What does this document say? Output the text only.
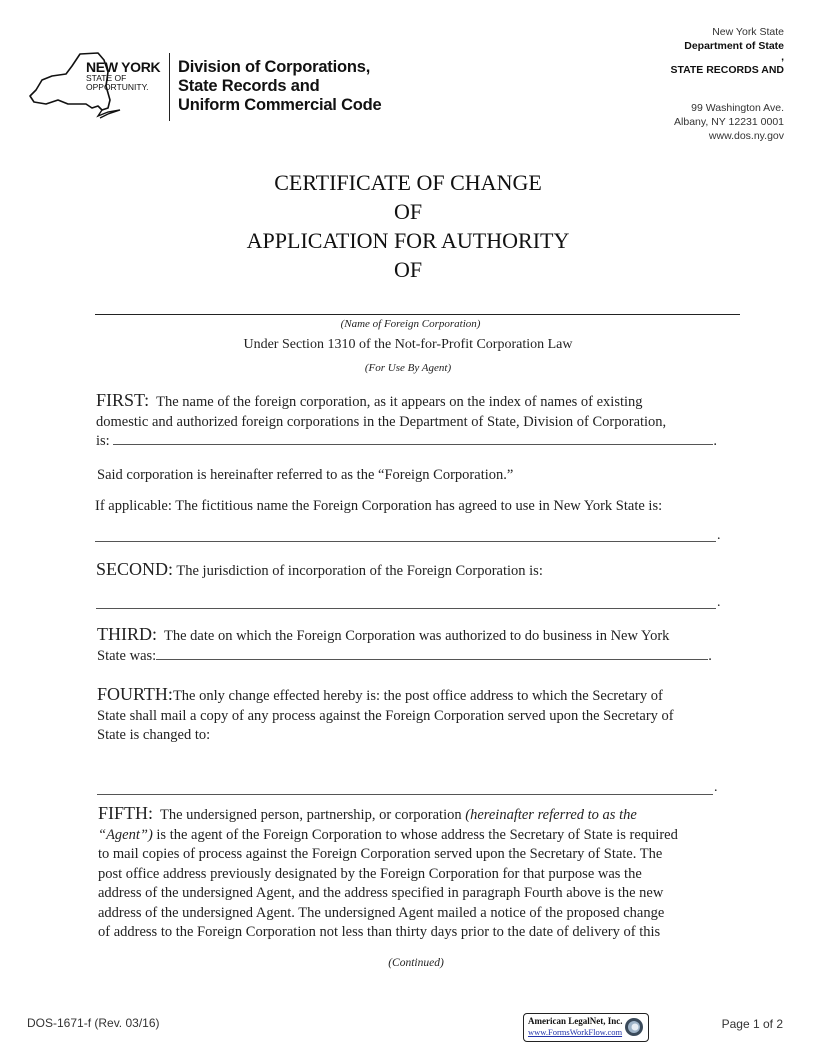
NEW YORK
STATE OF
OPPORTUNITY.
Division of Corporations,
State Records and
Uniform Commercial Code
New York State
Department of State
,
STATE RECORDS AND
99 Washington Ave.
Albany, NY 12231 0001
www.dos.ny.gov
CERTIFICATE OF CHANGE
OF
APPLICATION FOR AUTHORITY
OF
(Name of Foreign Corporation)
Under Section 1310 of the Not-for-Profit Corporation Law
(For Use By Agent)
FIRST: The name of the foreign corporation, as it appears on the index of names of existing
domestic and authorized foreign corporations in the Department of State, Division of Corporation,
is:	.
Said corporation is hereinafter referred to as the “Foreign Corporation.”
If applicable: The fictitious name the Foreign Corporation has agreed to use in New York State is:
.
SECOND: The jurisdiction of incorporation of the Foreign Corporation is:
.
THIRD: The date on which the Foreign Corporation was authorized to do business in New York
State was:	.
FOURTH:The only change effected hereby is: the post office address to which the Secretary of
State shall mail a copy of any process against the Foreign Corporation served upon the Secretary of
State is changed to:
.
FIFTH: The undersigned person, partnership, or corporation (hereinafter referred to as the
“Agent”) is the agent of the Foreign Corporation to whose address the Secretary of State is required
to mail copies of process against the Foreign Corporation served upon the Secretary of State. The
post office address previously designated by the Foreign Corporation for that purpose was the
address of the undersigned Agent, and the address specified in paragraph Fourth above is the new
address of the undersigned Agent. The undersigned Agent mailed a notice of the proposed change
of address to the Foreign Corporation not less than thirty days prior to the date of delivery of this
(Continued)
DOS-1671-f (Rev. 03/16)	American LegalNet, Inc.
www.FormsWorkFlow.com
Page 1 of 2
